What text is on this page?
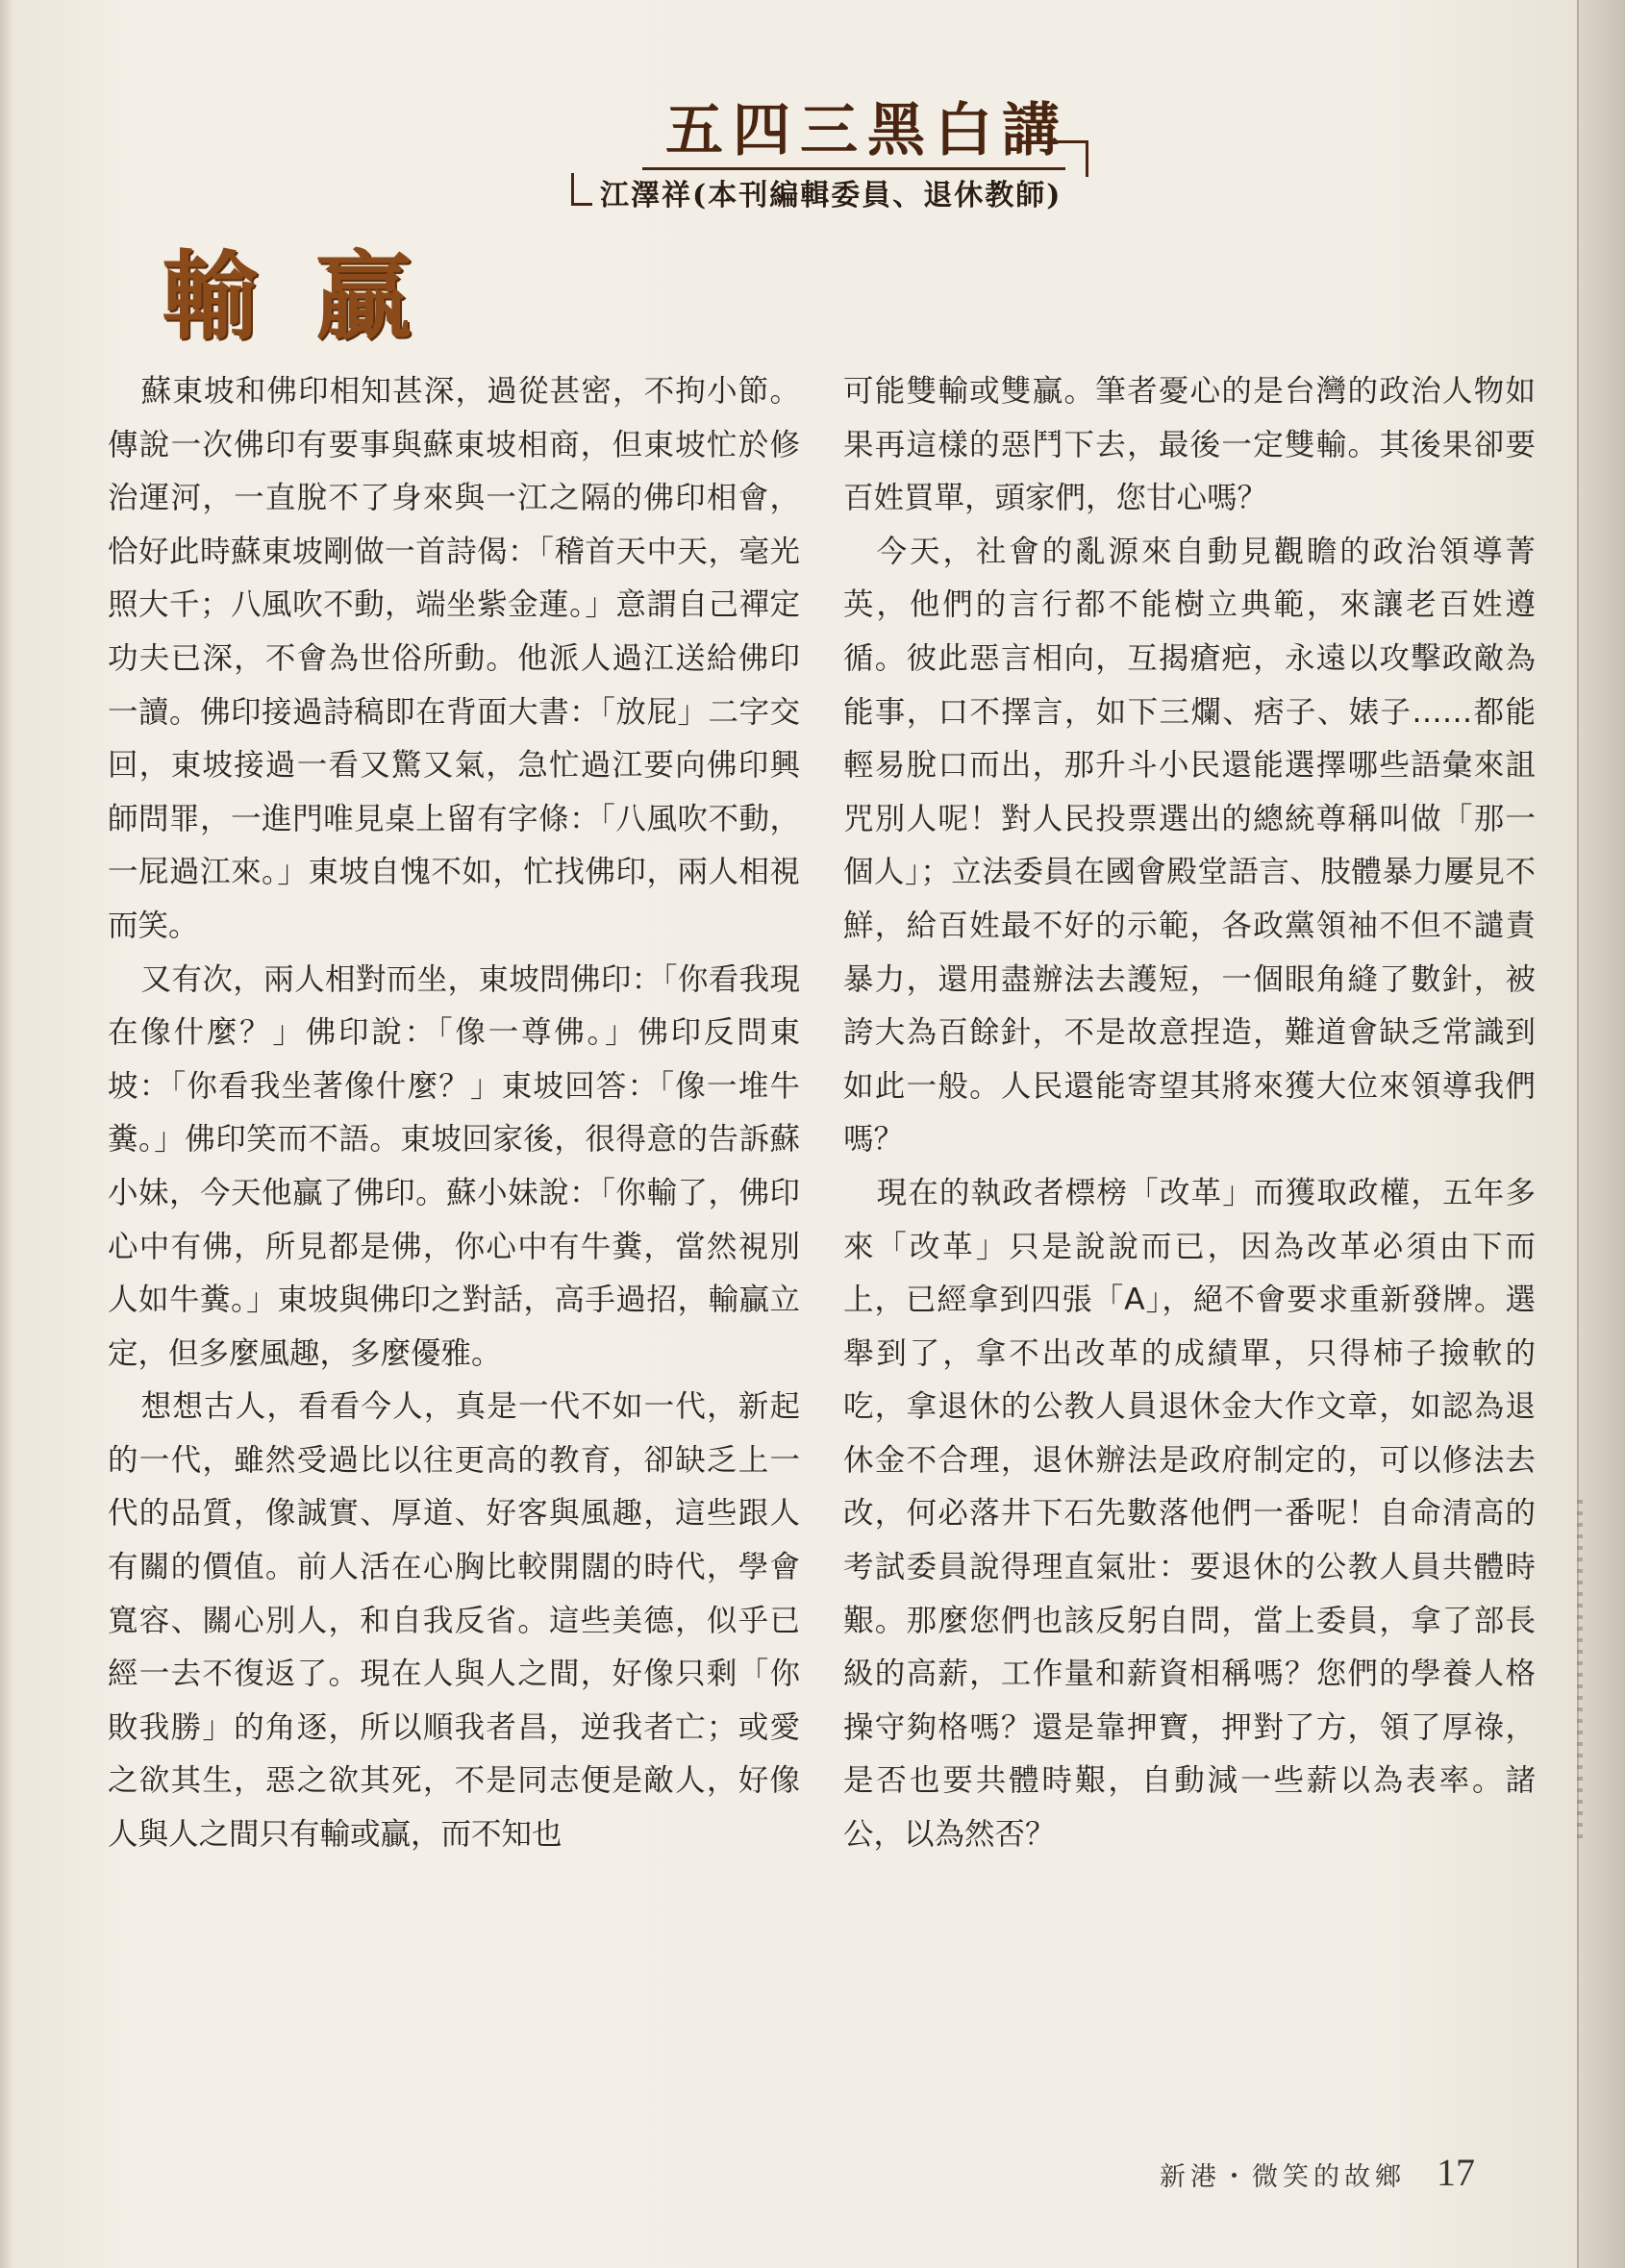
五四三黑白講
江澤祥(本刊編輯委員、退休教師)
輸贏

蘇東坡和佛印相知甚深，過從甚密，不拘小節。傳說一次佛印有要事與蘇東坡相商，但東坡忙於修治運河，一直脫不了身來與一江之隔的佛印相會，恰好此時蘇東坡剛做一首詩偈：「稽首天中天，毫光照大千；八風吹不動，端坐紫金蓮。」意謂自己禪定功夫已深，不會為世俗所動。他派人過江送給佛印一讀。佛印接過詩稿即在背面大書：「放屁」二字交回，東坡接過一看又驚又氣，急忙過江要向佛印興師問罪，一進門唯見桌上留有字條：「八風吹不動，一屁過江來。」東坡自愧不如，忙找佛印，兩人相視而笑。

又有次，兩人相對而坐，東坡問佛印：「你看我現在像什麼？」佛印說：「像一尊佛。」佛印反問東坡：「你看我坐著像什麼？」東坡回答：「像一堆牛糞。」佛印笑而不語。東坡回家後，很得意的告訴蘇小妹，今天他贏了佛印。蘇小妹說：「你輸了，佛印心中有佛，所見都是佛，你心中有牛糞，當然視別人如牛糞。」東坡與佛印之對話，高手過招，輸贏立定，但多麼風趣，多麼優雅。

想想古人，看看今人，真是一代不如一代，新起的一代，雖然受過比以往更高的教育，卻缺乏上一代的品質，像誠實、厚道、好客與風趣，這些跟人有關的價值。前人活在心胸比較開闊的時代，學會寬容、關心別人，和自我反省。這些美德，似乎已經一去不復返了。現在人與人之間，好像只剩「你敗我勝」的角逐，所以順我者昌，逆我者亡；或愛之欲其生，惡之欲其死，不是同志便是敵人，好像人與人之間只有輸或贏，而不知也

可能雙輸或雙贏。筆者憂心的是台灣的政治人物如果再這樣的惡鬥下去，最後一定雙輸。其後果卻要百姓買單，頭家們，您甘心嗎？

今天，社會的亂源來自動見觀瞻的政治領導菁英，他們的言行都不能樹立典範，來讓老百姓遵循。彼此惡言相向，互揭瘡疤，永遠以攻擊政敵為能事，口不擇言，如下三爛、痞子、婊子……都能輕易脫口而出，那升斗小民還能選擇哪些語彙來詛咒別人呢！對人民投票選出的總統尊稱叫做「那一個人」；立法委員在國會殿堂語言、肢體暴力屢見不鮮，給百姓最不好的示範，各政黨領袖不但不譴責暴力，還用盡辦法去護短，一個眼角縫了數針，被誇大為百餘針，不是故意捏造，難道會缺乏常識到如此一般。人民還能寄望其將來獲大位來領導我們嗎？

現在的執政者標榜「改革」而獲取政權，五年多來「改革」只是說說而已，因為改革必須由下而上，已經拿到四張「A」，絕不會要求重新發牌。選舉到了，拿不出改革的成績單，只得柿子撿軟的吃，拿退休的公教人員退休金大作文章，如認為退休金不合理，退休辦法是政府制定的，可以修法去改，何必落井下石先數落他們一番呢！自命清高的考試委員說得理直氣壯：要退休的公教人員共體時艱。那麼您們也該反躬自問，當上委員，拿了部長級的高薪，工作量和薪資相稱嗎？您們的學養人格操守夠格嗎？還是靠押寶，押對了方，領了厚祿，是否也要共體時艱，自動減一些薪以為表率。諸公，以為然否？

新港・微笑的故鄉 17
